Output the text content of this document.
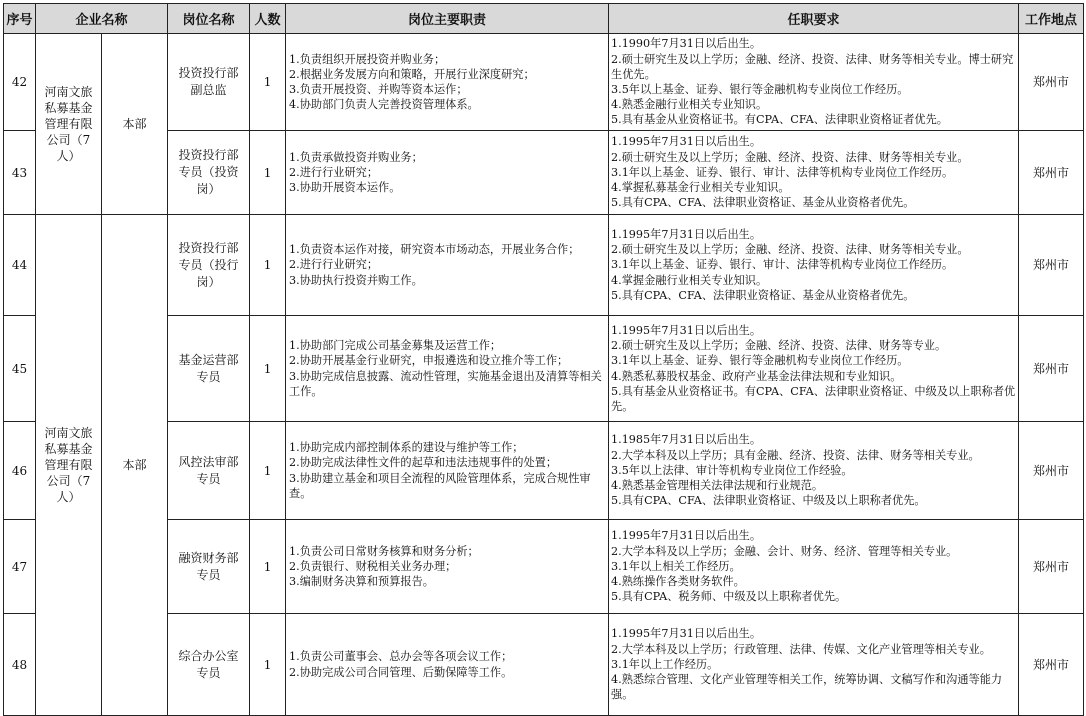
序号	企业名称		岗位名称	人数	岗位主要职责	任职要求	工作地点
42	河南文旅私募基金管理有限公司（7人）	本部	投资投行部副总监	1	1.负责组织开展投资并购业务；
2.根据业务发展方向和策略，开展行业深度研究；
3.负责开展投资、并购等资本运作；
4.协助部门负责人完善投资管理体系。	1.1990年7月31日以后出生。
2.硕士研究生及以上学历；金融、经济、投资、法律、财务等相关专业。博士研究生优先。
3.5年以上基金、证券、银行等金融机构专业岗位工作经历。
4.熟悉金融行业相关专业知识。
5.具有基金从业资格证书。有CPA、CFA、法律职业资格证者优先。	郑州市
43			投资投行部专员（投资岗）	1	1.负责承做投资并购业务；
2.进行行业研究；
3.协助开展资本运作。	1.1995年7月31日以后出生。
2.硕士研究生及以上学历；金融、经济、投资、法律、财务等相关专业。
3.1年以上基金、证券、银行、审计、法律等机构专业岗位工作经历。
4.掌握私募基金行业相关专业知识。
5.具有CPA、CFA、法律职业资格证、基金从业资格者优先。	郑州市
44	河南文旅私募基金管理有限公司（7人）	本部	投资投行部专员（投行岗）	1	1.负责资本运作对接，研究资本市场动态，开展业务合作；
2.进行行业研究；
3.协助执行投资并购工作。	1.1995年7月31日以后出生。
2.硕士研究生及以上学历；金融、经济、投资、法律、财务等相关专业。
3.1年以上基金、证券、银行、审计、法律等机构专业岗位工作经历。
4.掌握金融行业相关专业知识。
5.具有CPA、CFA、法律职业资格证、基金从业资格者优先。	郑州市
45			基金运营部专员	1	1.协助部门完成公司基金募集及运营工作；
2.协助开展基金行业研究，申报遴选和设立推介等工作；
3.协助完成信息披露、流动性管理，实施基金退出及清算等相关工作。	1.1995年7月31日以后出生。
2.硕士研究生及以上学历；金融、经济、投资、法律、财务等专业。
3.1年以上基金、证券、银行等金融机构专业岗位工作经历。
4.熟悉私募股权基金、政府产业基金法律法规和专业知识。
5.具有基金从业资格证书。有CPA、CFA、法律职业资格证、中级及以上职称者优先。	郑州市
46			风控法审部专员	1	1.协助完成内部控制体系的建设与维护等工作；
2.协助完成法律性文件的起草和违法违规事件的处置；
3.协助建立基金和项目全流程的风险管理体系，完成合规性审查。	1.1985年7月31日以后出生。
2.大学本科及以上学历；具有金融、经济、投资、法律、财务等相关专业。
3.5年以上法律、审计等机构专业岗位工作经验。
4.熟悉基金管理相关法律法规和行业规范。
5.具有CPA、CFA、法律职业资格证、中级及以上职称者优先。	郑州市
47			融资财务部专员	1	1.负责公司日常财务核算和财务分析；
2.负责银行、财税相关业务办理；
3.编制财务决算和预算报告。	1.1995年7月31日以后出生。
2.大学本科及以上学历；金融、会计、财务、经济、管理等相关专业。
3.1年以上相关工作经历。
4.熟练操作各类财务软件。
5.具有CPA、税务师、中级及以上职称者优先。	郑州市
48			综合办公室专员	1	1.负责公司董事会、总办会等各项会议工作；
2.协助完成公司合同管理、后勤保障等工作。	1.1995年7月31日以后出生。
2.大学本科及以上学历；行政管理、法律、传媒、文化产业管理等相关专业。
3.1年以上工作经历。
4.熟悉综合管理、文化产业管理等相关工作，统筹协调、文稿写作和沟通等能力强。	郑州市
